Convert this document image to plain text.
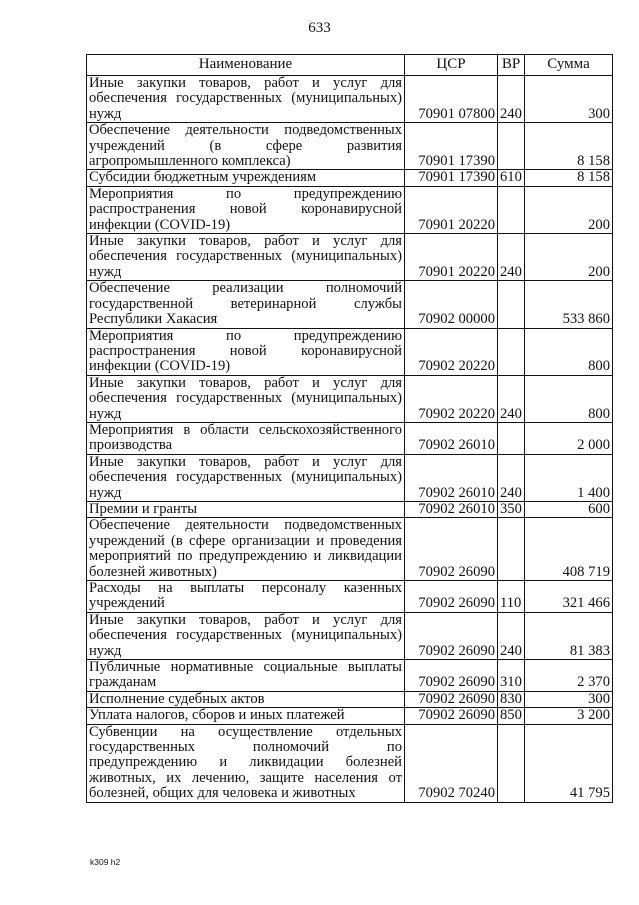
633
Наименование	ЦСР	ВР	Сумма
Иные закупки товаров, работ и услуг для обеспечения государственных (муниципальных) нужд	70901 07800	240	300
Обеспечение деятельности подведомственных учреждений (в сфере развития агропромышленного комплекса)	70901 17390		8 158
Субсидии бюджетным учреждениям	70901 17390	610	8 158
Мероприятия по предупреждению распространения новой коронавирусной инфекции (COVID-19)	70901 20220		200
Иные закупки товаров, работ и услуг для обеспечения государственных (муниципальных) нужд	70901 20220	240	200
Обеспечение реализации полномочий государственной ветеринарной службы Республики Хакасия	70902 00000		533 860
Мероприятия по предупреждению распространения новой коронавирусной инфекции (COVID-19)	70902 20220		800
Иные закупки товаров, работ и услуг для обеспечения государственных (муниципальных) нужд	70902 20220	240	800
Мероприятия в области сельскохозяйственного производства	70902 26010		2 000
Иные закупки товаров, работ и услуг для обеспечения государственных (муниципальных) нужд	70902 26010	240	1 400
Премии и гранты	70902 26010	350	600
Обеспечение деятельности подведомственных учреждений (в сфере организации и проведения мероприятий по предупреждению и ликвидации болезней животных)	70902 26090		408 719
Расходы на выплаты персоналу казенных учреждений	70902 26090	110	321 466
Иные закупки товаров, работ и услуг для обеспечения государственных (муниципальных) нужд	70902 26090	240	81 383
Публичные нормативные социальные выплаты гражданам	70902 26090	310	2 370
Исполнение судебных актов	70902 26090	830	300
Уплата налогов, сборов и иных платежей	70902 26090	850	3 200
Субвенции на осуществление отдельных государственных полномочий по предупреждению и ликвидации болезней животных, их лечению, защите населения от болезней, общих для человека и животных	70902 70240		41 795
k309 h2
